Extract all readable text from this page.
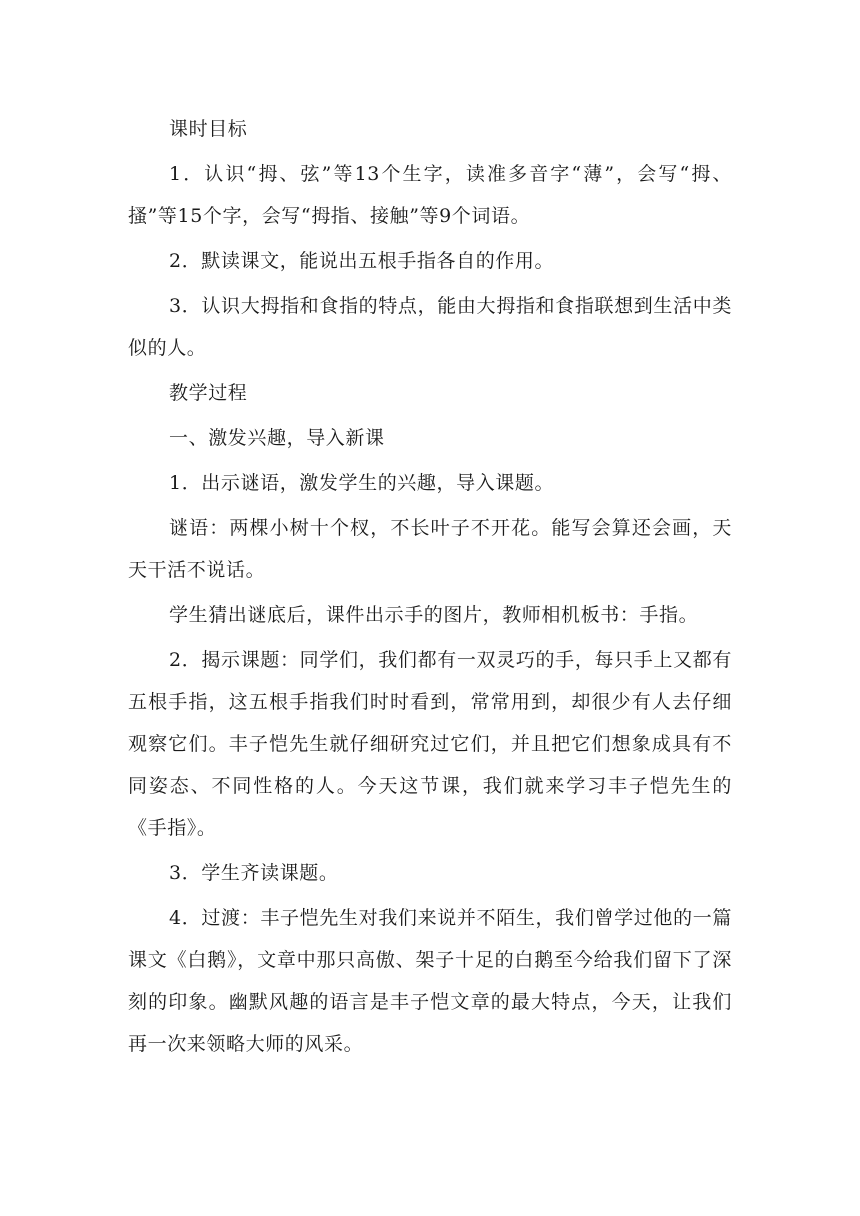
课时目标

1．认识“拇、弦”等13个生字，读准多音字“薄”，会写“拇、搔”等15个字，会写“拇指、接触”等9个词语。

2．默读课文，能说出五根手指各自的作用。

3．认识大拇指和食指的特点，能由大拇指和食指联想到生活中类似的人。

教学过程

一、激发兴趣，导入新课

1．出示谜语，激发学生的兴趣，导入课题。

谜语：两棵小树十个杈，不长叶子不开花。能写会算还会画，天天干活不说话。

学生猜出谜底后，课件出示手的图片，教师相机板书：手指。

2．揭示课题：同学们，我们都有一双灵巧的手，每只手上又都有五根手指，这五根手指我们时时看到，常常用到，却很少有人去仔细观察它们。丰子恺先生就仔细研究过它们，并且把它们想象成具有不同姿态、不同性格的人。今天这节课，我们就来学习丰子恺先生的《手指》。

3．学生齐读课题。

4．过渡：丰子恺先生对我们来说并不陌生，我们曾学过他的一篇课文《白鹅》，文章中那只高傲、架子十足的白鹅至今给我们留下了深刻的印象。幽默风趣的语言是丰子恺文章的最大特点，今天，让我们再一次来领略大师的风采。
